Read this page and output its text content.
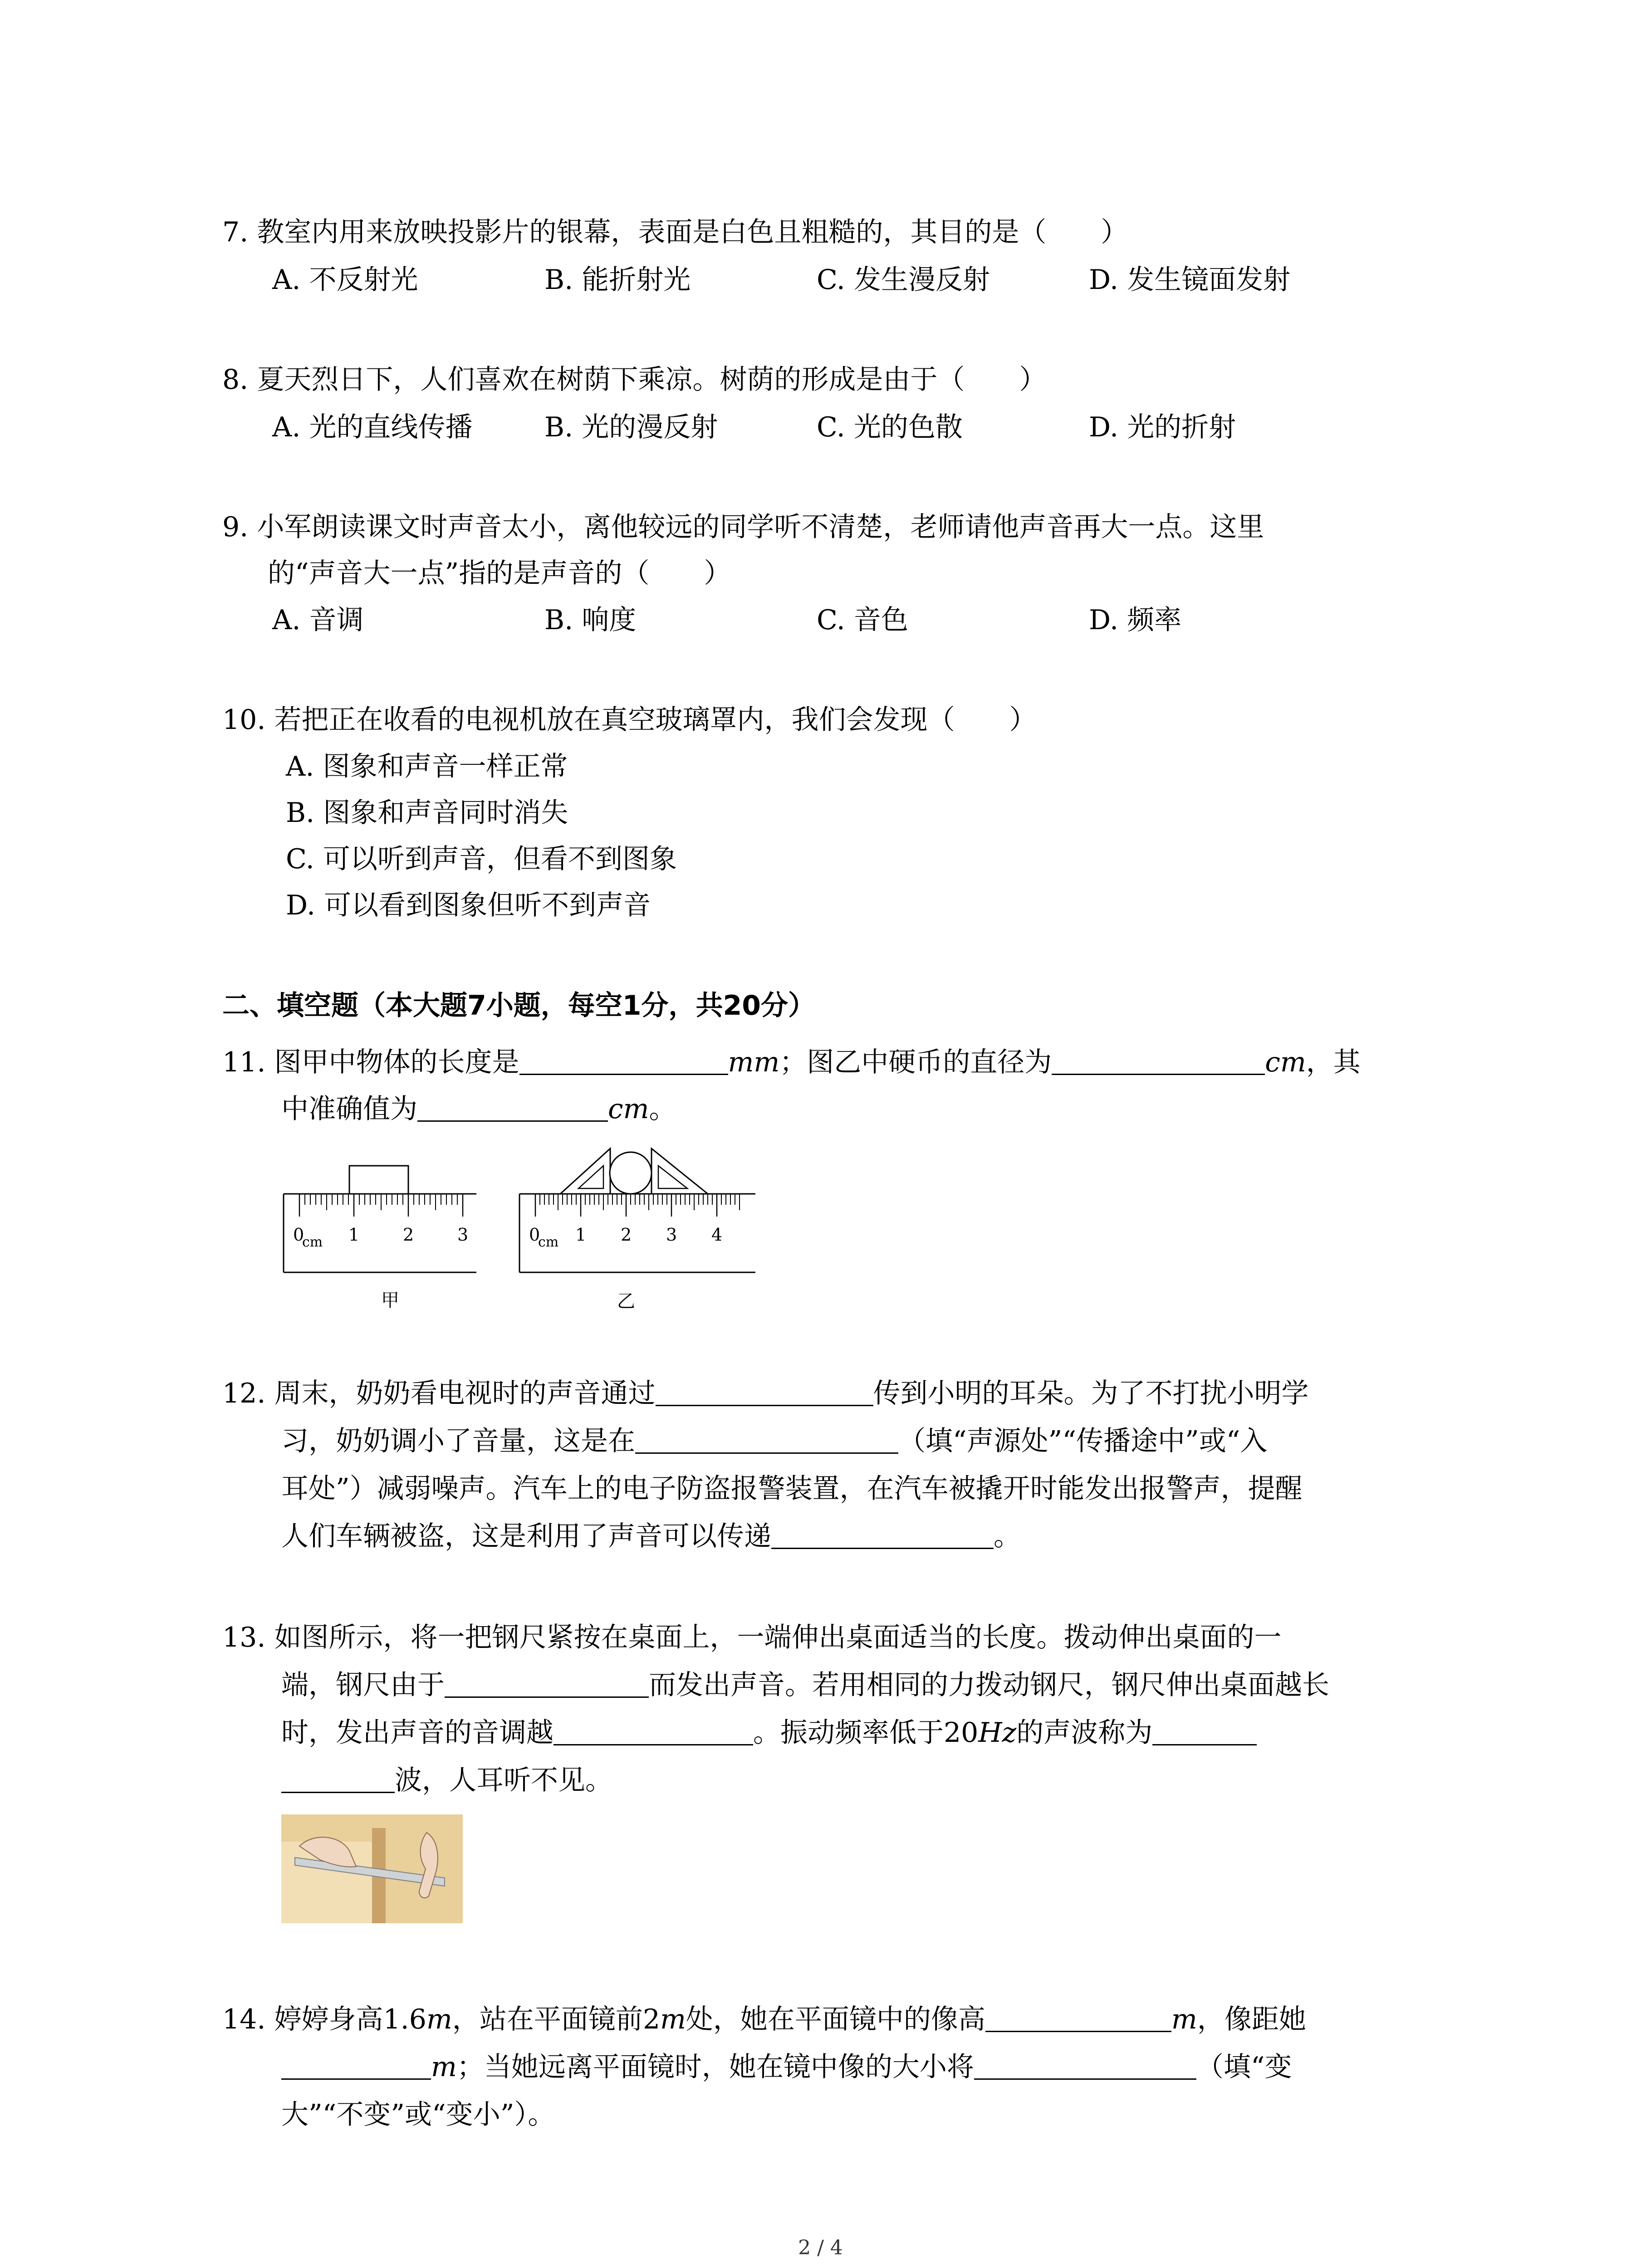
7. 教室内用来放映投影片的银幕，表面是白色且粗糙的，其目的是（　　）
A. 不反射光	B. 能折射光	C. 发生漫反射	D. 发生镜面发射
8. 夏天烈日下，人们喜欢在树荫下乘凉。树荫的形成是由于（　　）
A. 光的直线传播	B. 光的漫反射	C. 光的色散	D. 光的折射
9. 小军朗读课文时声音太小，离他较远的同学听不清楚，老师请他声音再大一点。这里
的“声音大一点”指的是声音的（　　）
A. 音调	B. 响度	C. 音色	D. 频率
10. 若把正在收看的电视机放在真空玻璃罩内，我们会发现（　　）
A. 图象和声音一样正常
B. 图象和声音同时消失
C. 可以听到声音，但看不到图象
D. 可以看到图象但听不到声音
二、填空题（本大题7小题，每空1分，共20分）
11. 图甲中物体的长度是	mm；图乙中硬币的直径为	cm，其
中准确值为	cm。
0
cm 1	2	3
甲
0
cm 1 2 3 4
乙
12. 周末，奶奶看电视时的声音通过	传到小明的耳朵。为了不打扰小明学
习，奶奶调小了音量，这是在	（填“声源处”“传播途中”或“入
耳处”）减弱噪声。汽车上的电子防盗报警装置，在汽车被撬开时能发出报警声，提醒
人们车辆被盗，这是利用了声音可以传递	。
13. 如图所示，将一把钢尺紧按在桌面上，一端伸出桌面适当的长度。拨动伸出桌面的一
端，钢尺由于	而发出声音。若用相同的力拨动钢尺，钢尺伸出桌面越长
时，发出声音的音调越	。振动频率低于20Hz的声波称为
波，人耳听不见。
14. 婷婷身高1.6m，站在平面镜前2m处，她在平面镜中的像高	m，像距她
m；当她远离平面镜时，她在镜中像的大小将	（填“变
大”“不变”或“变小”）。
2 / 4
